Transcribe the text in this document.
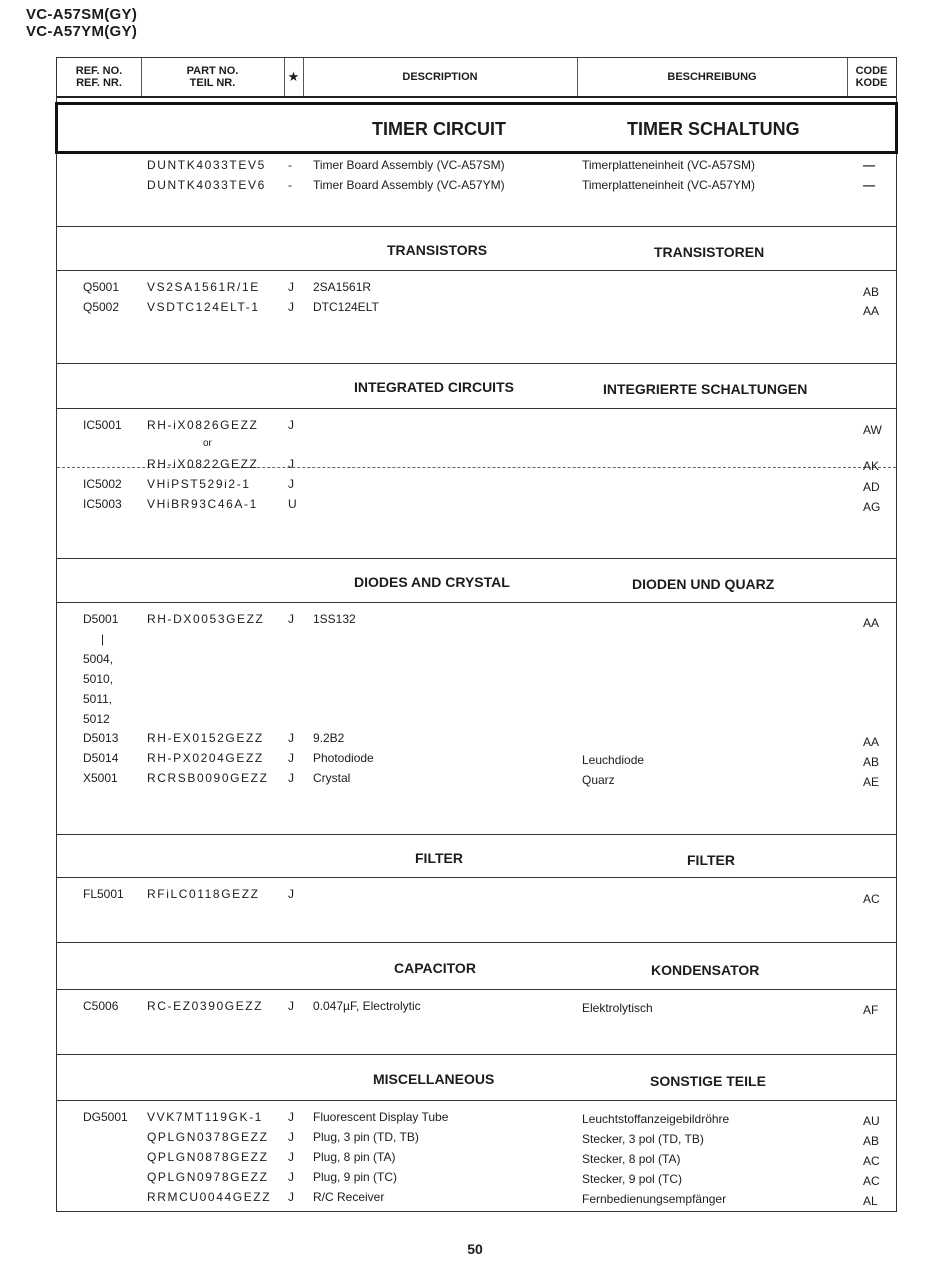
VC-A57SM(GY)
VC-A57YM(GY)
REF. NO.
REF. NR.
PART NO.
TEIL NR.	★	DESCRIPTION	BESCHREIBUNG	CODE
KODE
TIMER CIRCUIT	TIMER SCHALTUNG
DUNTK4033TEV5 - Timer Board Assembly (VC-A57SM)	Timerplatteneinheit (VC-A57SM)	—
DUNTK4033TEV6 - Timer Board Assembly (VC-A57YM)	Timerplatteneinheit (VC-A57YM)	—
TRANSISTORS	TRANSISTOREN
Q5001 VS2SA1561R/1E J 2SA1561R	AB
Q5002 VSDTC124ELT-1 J DTC124ELT	AA
INTEGRATED CIRCUITS	INTEGRIERTE SCHALTUNGEN
IC5001 RH-iX0826GEZZ J	AW
or
RH-iX0822GEZZ J	AK
IC5002 VHiPST529i2-1	J	AD
IC5003 VHiBR93C46A-1	U	AG
DIODES AND CRYSTAL	DIODEN UND QUARZ
D5001 RH-DX0053GEZZ J 1SS132	AA
|
5004,
5010,
5011,
5012
D5013 RH-EX0152GEZZ J 9.2B2	AA
D5014 RH-PX0204GEZZ J Photodiode	Leuchdiode	AB
X5001 RCRSB0090GEZZ J Crystal	Quarz	AE
FILTER	FILTER
FL5001 RFiLC0118GEZZ J	AC
CAPACITOR	KONDENSATOR
C5006 RC-EZ0390GEZZ J 0.047µF, Electrolytic	Elektrolytisch	AF
MISCELLANEOUS	SONSTIGE TEILE
DG5001 VVK7MT119GK-1 J Fluorescent Display Tube	Leuchtstoffanzeigebildröhre	AU
QPLGN0378GEZZ J Plug, 3 pin (TD, TB)	Stecker, 3 pol (TD, TB)	AB
QPLGN0878GEZZ J Plug, 8 pin (TA)	Stecker, 8 pol (TA)	AC
QPLGN0978GEZZ J Plug, 9 pin (TC)	Stecker, 9 pol (TC)	AC
RRMCU0044GEZZ J R/C Receiver	Fernbedienungsempfänger	AL
50
